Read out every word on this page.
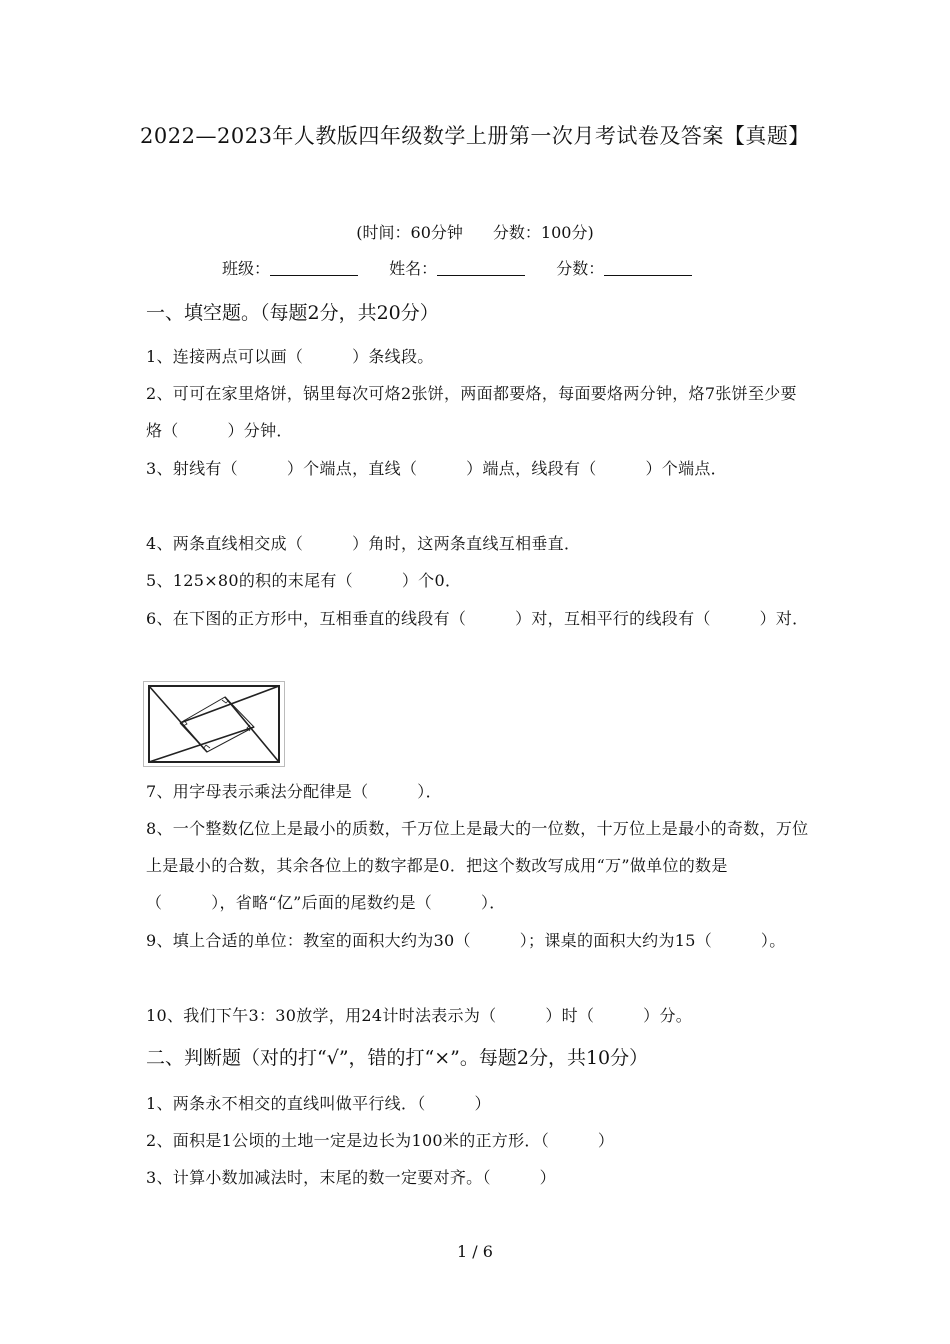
2022—2023年人教版四年级数学上册第一次月考试卷及答案【真题】
(时间：60分钟 分数：100分)
班级：	姓名：	分数：
一、填空题。（每题2分，共20分）
1、连接两点可以画（　　　）条线段。
2、可可在家里烙饼，锅里每次可烙2张饼，两面都要烙，每面要烙两分钟，烙7张饼至少要烙（　　　）分钟．
3、射线有（　　　）个端点，直线（　　　）端点，线段有（　　　）个端点．
4、两条直线相交成（　　　）角时，这两条直线互相垂直．
5、125×80的积的末尾有（　　　）个0．
6、在下图的正方形中，互相垂直的线段有（　　　）对，互相平行的线段有（　　　）对．
7、用字母表示乘法分配律是（　　　）．
8、一个整数亿位上是最小的质数，千万位上是最大的一位数，十万位上是最小的奇数，万位上是最小的合数，其余各位上的数字都是0．把这个数改写成用“万”做单位的数是（　　　），省略“亿”后面的尾数约是（　　　）．
9、填上合适的单位：教室的面积大约为30（　　　）；课桌的面积大约为15（　　　）。
10、我们下午3：30放学，用24计时法表示为（　　　）时（　　　）分。
二、判断题（对的打“√”，错的打“×”。每题2分，共10分）
1、两条永不相交的直线叫做平行线．（　　　）
2、面积是1公顷的土地一定是边长为100米的正方形．（　　　）
3、计算小数加减法时，末尾的数一定要对齐。（　　　）
1 / 6
